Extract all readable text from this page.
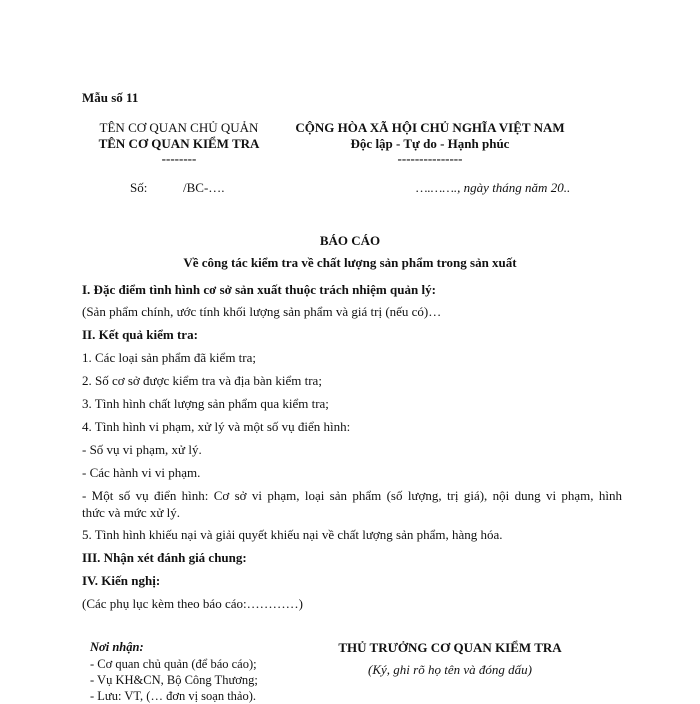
Mẫu số 11
TÊN CƠ QUAN CHỦ QUẢN
TÊN CƠ QUAN KIỂM TRA
--------
CỘNG HÒA XÃ HỘI CHỦ NGHĨA VIỆT NAM
Độc lập - Tự do - Hạnh phúc
---------------
Số:	/BC-….	….……., ngày tháng năm 20..
BÁO CÁO
Về công tác kiểm tra về chất lượng sản phẩm trong sản xuất
I. Đặc điểm tình hình cơ sở sản xuất thuộc trách nhiệm quản lý:
(Sản phẩm chính, ước tính khối lượng sản phẩm và giá trị (nếu có)…
II. Kết quả kiểm tra:
1. Các loại sản phẩm đã kiểm tra;
2. Số cơ sở được kiểm tra và địa bàn kiểm tra;
3. Tình hình chất lượng sản phẩm qua kiểm tra;
4. Tình hình vi phạm, xử lý và một số vụ điển hình:
- Số vụ vi phạm, xử lý.
- Các hành vi vi phạm.
- Một số vụ điển hình: Cơ sở vi phạm, loại sản phẩm (số lượng, trị giá), nội dung vi phạm, hình
thức và mức xử lý.
5. Tình hình khiếu nại và giải quyết khiếu nại về chất lượng sản phẩm, hàng hóa.
III. Nhận xét đánh giá chung:
IV. Kiến nghị:
(Các phụ lục kèm theo báo cáo:…………)
Nơi nhận:
- Cơ quan chủ quản (để báo cáo);
- Vụ KH&CN, Bộ Công Thương;
- Lưu: VT, (… đơn vị soạn thảo).
THỦ TRƯỞNG CƠ QUAN KIỂM TRA
(Ký, ghi rõ họ tên và đóng dấu)
